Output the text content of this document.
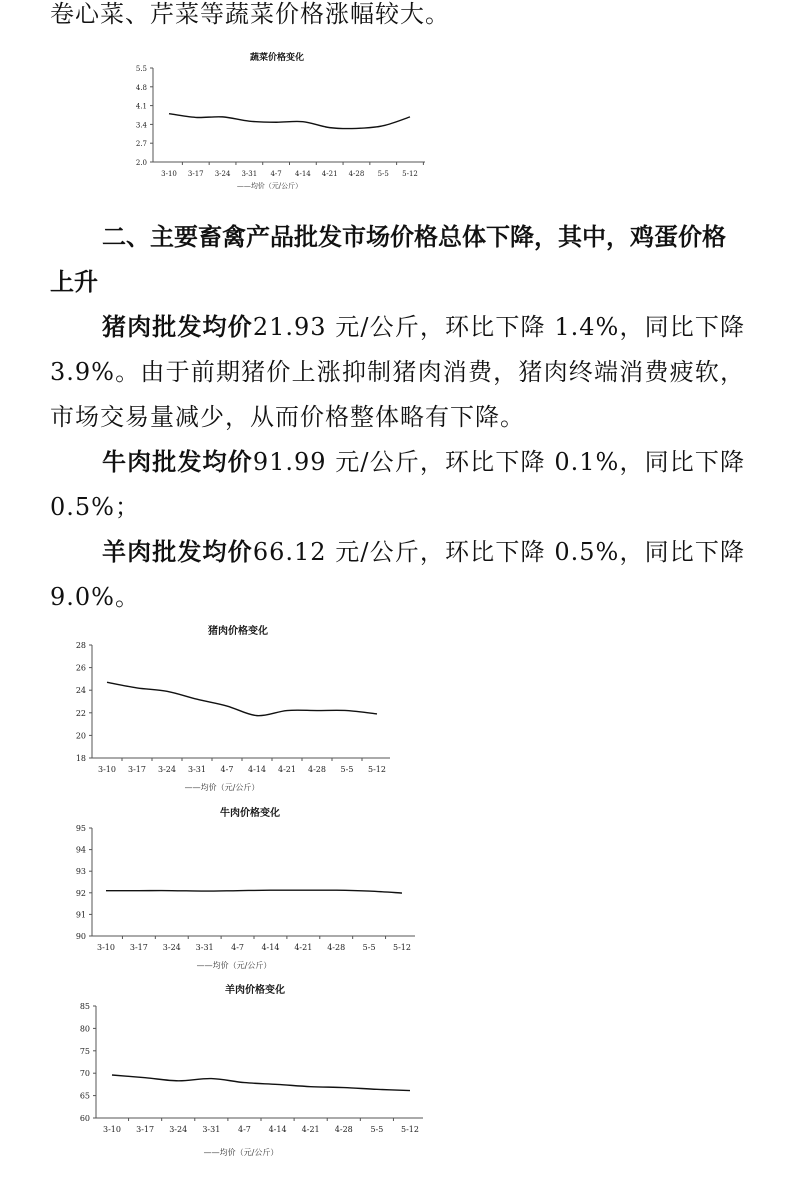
卷心菜、芹菜等蔬菜价格涨幅较大。

蔬菜价格变化
5.5
4.8
4.1
3.4
2.7
2.0
3-10 3-17 3-24 3-31 4-7 4-14 4-21 4-28 5-5 5-12
——均价（元/公斤）

二、主要畜禽产品批发市场价格总体下降，其中，鸡蛋价格上升

猪肉批发均价21.93 元/公斤，环比下降 1.4%，同比下降 3.9%。由于前期猪价上涨抑制猪肉消费，猪肉终端消费疲软，市场交易量减少，从而价格整体略有下降。

牛肉批发均价91.99 元/公斤，环比下降 0.1%，同比下降 0.5%；

羊肉批发均价66.12 元/公斤，环比下降 0.5%，同比下降 9.0%。

猪肉价格变化
28
26
24
22
20
18
3-10 3-17 3-24 3-31 4-7 4-14 4-21 4-28 5-5 5-12
——均价（元/公斤）
牛肉价格变化
95
94
93
92
91
90
3-10 3-17 3-24 3-31 4-7 4-14 4-21 4-28 5-5 5-12
——均价（元/公斤）
羊肉价格变化
85
80
75
70
65
60
3-10 3-17 3-24 3-31 4-7 4-14 4-21 4-28 5-5 5-12
——均价（元/公斤）
